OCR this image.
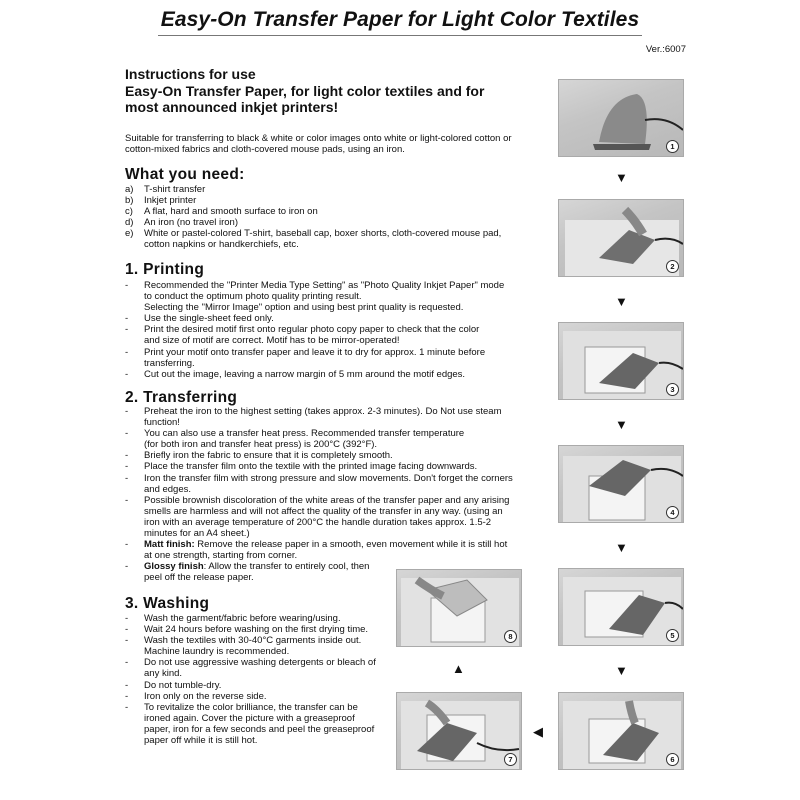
Easy-On Transfer Paper for Light Color Textiles
Ver.:6007
Instructions for use
Easy-On Transfer Paper, for light color textiles and for
most announced inkjet printers!
Suitable for transferring to black & white or color images onto white or light-colored cotton or
cotton-mixed fabrics and cloth-covered mouse pads, using an iron.
What you need:
a) T-shirt transfer
b) Inkjet printer
c) A flat, hard and smooth surface to iron on
d) An iron (no travel iron)
e) White or pastel-colored T-shirt, baseball cap, boxer shorts, cloth-covered mouse pad,
cotton napkins or handkerchiefs, etc.
1. Printing
- Recommended the "Printer Media Type Setting" as "Photo Quality Inkjet Paper" mode
to conduct the optimum photo quality printing result.
Selecting the "Mirror Image" option and using best print quality is requested.
- Use the single-sheet feed only.
- Print the desired motif first onto regular photo copy paper to check that the color
and size of motif are correct. Motif has to be mirror-operated!
- Print your motif onto transfer paper and leave it to dry for approx. 1 minute before
transferring.
- Cut out the image, leaving a narrow margin of 5 mm around the motif edges.
2. Transferring
- Preheat the iron to the highest setting (takes approx. 2-3 minutes). Do Not use steam
function!
- You can also use a transfer heat press. Recommended transfer temperature
(for both iron and transfer heat press) is 200°C (392°F).
- Briefly iron the fabric to ensure that it is completely smooth.
- Place the transfer film onto the textile with the printed image facing downwards.
- Iron the transfer film with strong pressure and slow movements. Don't forget the corners
and edges.
- Possible brownish discoloration of the white areas of the transfer paper and any arising
smells are harmless and will not affect the quality of the transfer in any way. (using an
iron with an average temperature of 200°C the handle duration takes approx. 1.5-2
minutes for an A4 sheet.)
- Matt finish: Remove the release paper in a smooth, even movement while it is still hot
at one strength, starting from corner.
- Glossy finish: Allow the transfer to entirely cool, then
peel off the release paper.
3. Washing
- Wash the garment/fabric before wearing/using.
- Wait 24 hours before washing on the first drying time.
- Wash the textiles with 30-40°C garments inside out.
Machine laundry is recommended.
- Do not use aggressive washing detergents or bleach of
any kind.
- Do not tumble-dry.
- Iron only on the reverse side.
- To revitalize the color brilliance, the transfer can be
ironed again. Cover the picture with a greaseproof
paper, iron for a few seconds and peel the greaseproof
paper off while it is still hot.
1
▼
2
▼
3
▼
4
▼
5
▼
6
◀
7
▲
8
